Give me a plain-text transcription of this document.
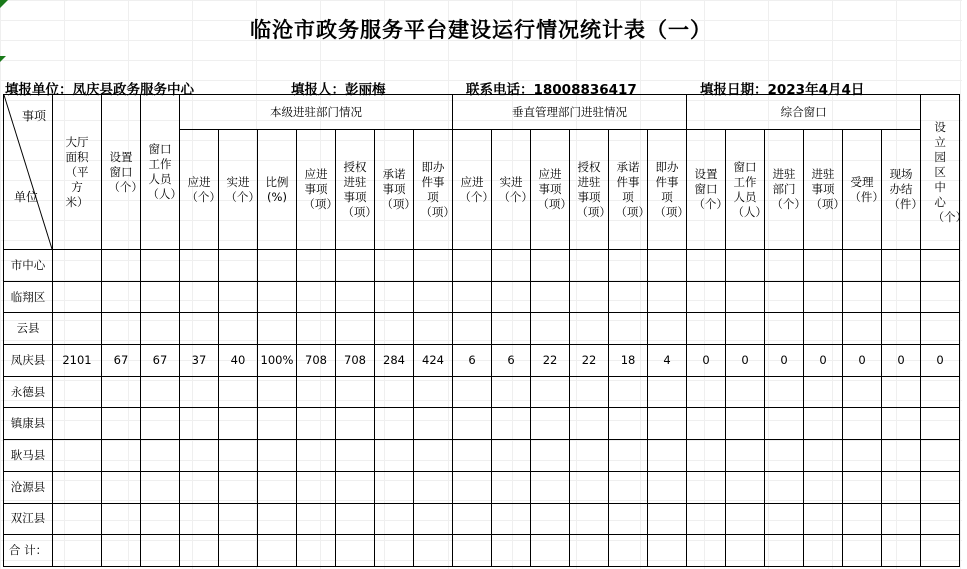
临沧市政务服务平台建设运行情况统计表（一）
填报单位：凤庆县政务服务中心	填报人：彭丽梅	联系电话：18008836417	填报日期：2023年4月4日
事项
单位	大厅面积（平方米）	设置窗口（个）	窗口工作人员（人）	本级进驻部门情况							垂直管理部门进驻情况						综合窗口						设立园区中心（个）
				应进（个）	实进（个）	比例(%)	应进事项（项）	授权进驻事项（项）	承诺事项（项）	即办件事项（项）	应进（个）	实进（个）	应进事项（项）	授权进驻事项（项）	承诺件事项（项）	即办件事项（项）	设置窗口（个）	窗口工作人员（人）	进驻部门（个）	进驻事项（项）	受理（件）	现场办结（件）	
市中心																							
临翔区																							
云县																							
凤庆县	2101	67	67	37	40	100%	708	708	284	424	6	6	22	22	18	4	0	0	0	0	0	0	0
永德县																							
镇康县																							
耿马县																							
沧源县																							
双江县																							
合 计：																							
